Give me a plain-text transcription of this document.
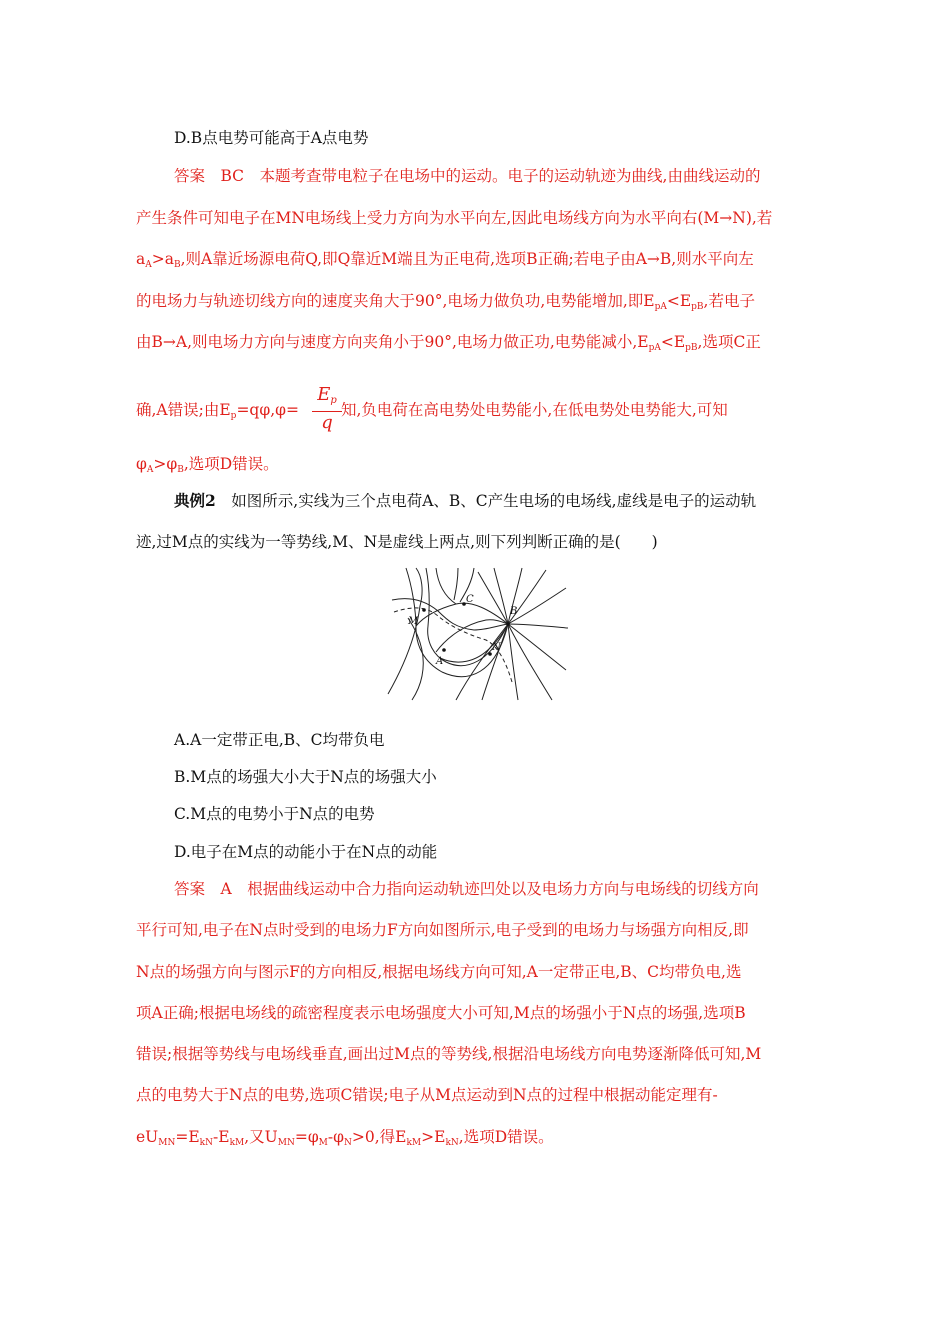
D.B点电势可能高于A点电势
答案　BC　本题考查带电粒子在电场中的运动。电子的运动轨迹为曲线,由曲线运动的
产生条件可知电子在MN电场线上受力方向为水平向左,因此电场线方向为水平向右(M→N),若
$a_A>a_B$,则A靠近场源电荷Q,即Q靠近M端且为正电荷,选项B正确;若电子由A→B,则水平向左
的电场力与轨迹切线方向的速度夹角大于90°,电场力做负功,电势能增加,即$E_{pA}<E_{pB}$,若电子
由B→A,则电场力方向与速度方向夹角小于90°,电场力做正功,电势能减小$,E_{pA}<E_{pB}$,选项C正
确,A错误;由$E_p=q\varphi,\varphi=$	知,负电荷在高电势处电势能小,在低电势处电势能大,可知
$\frac{E_p}{q}$
$\varphi_A>\varphi_B$,选项D错误。
典例2　如图所示,实线为三个点电荷A、B、C产生电场的电场线,虚线是电子的运动轨
迹,过M点的实线为一等势线,M、N是虚线上两点,则下列判断正确的是(　　)
C
B
M
A
N
A.A一定带正电,B、C均带负电
B.M点的场强大小大于N点的场强大小
C.M点的电势小于N点的电势
D.电子在M点的动能小于在N点的动能
答案　A　根据曲线运动中合力指向运动轨迹凹处以及电场力方向与电场线的切线方向
平行可知,电子在N点时受到的电场力F方向如图所示,电子受到的电场力与场强方向相反,即
N点的场强方向与图示F的方向相反,根据电场线方向可知,A一定带正电,B、C均带负电,选
项A正确;根据电场线的疏密程度表示电场强度大小可知,M点的场强小于N点的场强,选项B
错误;根据等势线与电场线垂直,画出过M点的等势线,根据沿电场线方向电势逐渐降低可知,M
点的电势大于N点的电势,选项C错误;电子从M点运动到N点的过程中根据动能定理有-
$eU_{MN}=E_{kN}-E_{kM}$,又$U_{MN}=\varphi_M-\varphi_N>0$,得$E_{kM}>E_{kN}$,选项D错误。
